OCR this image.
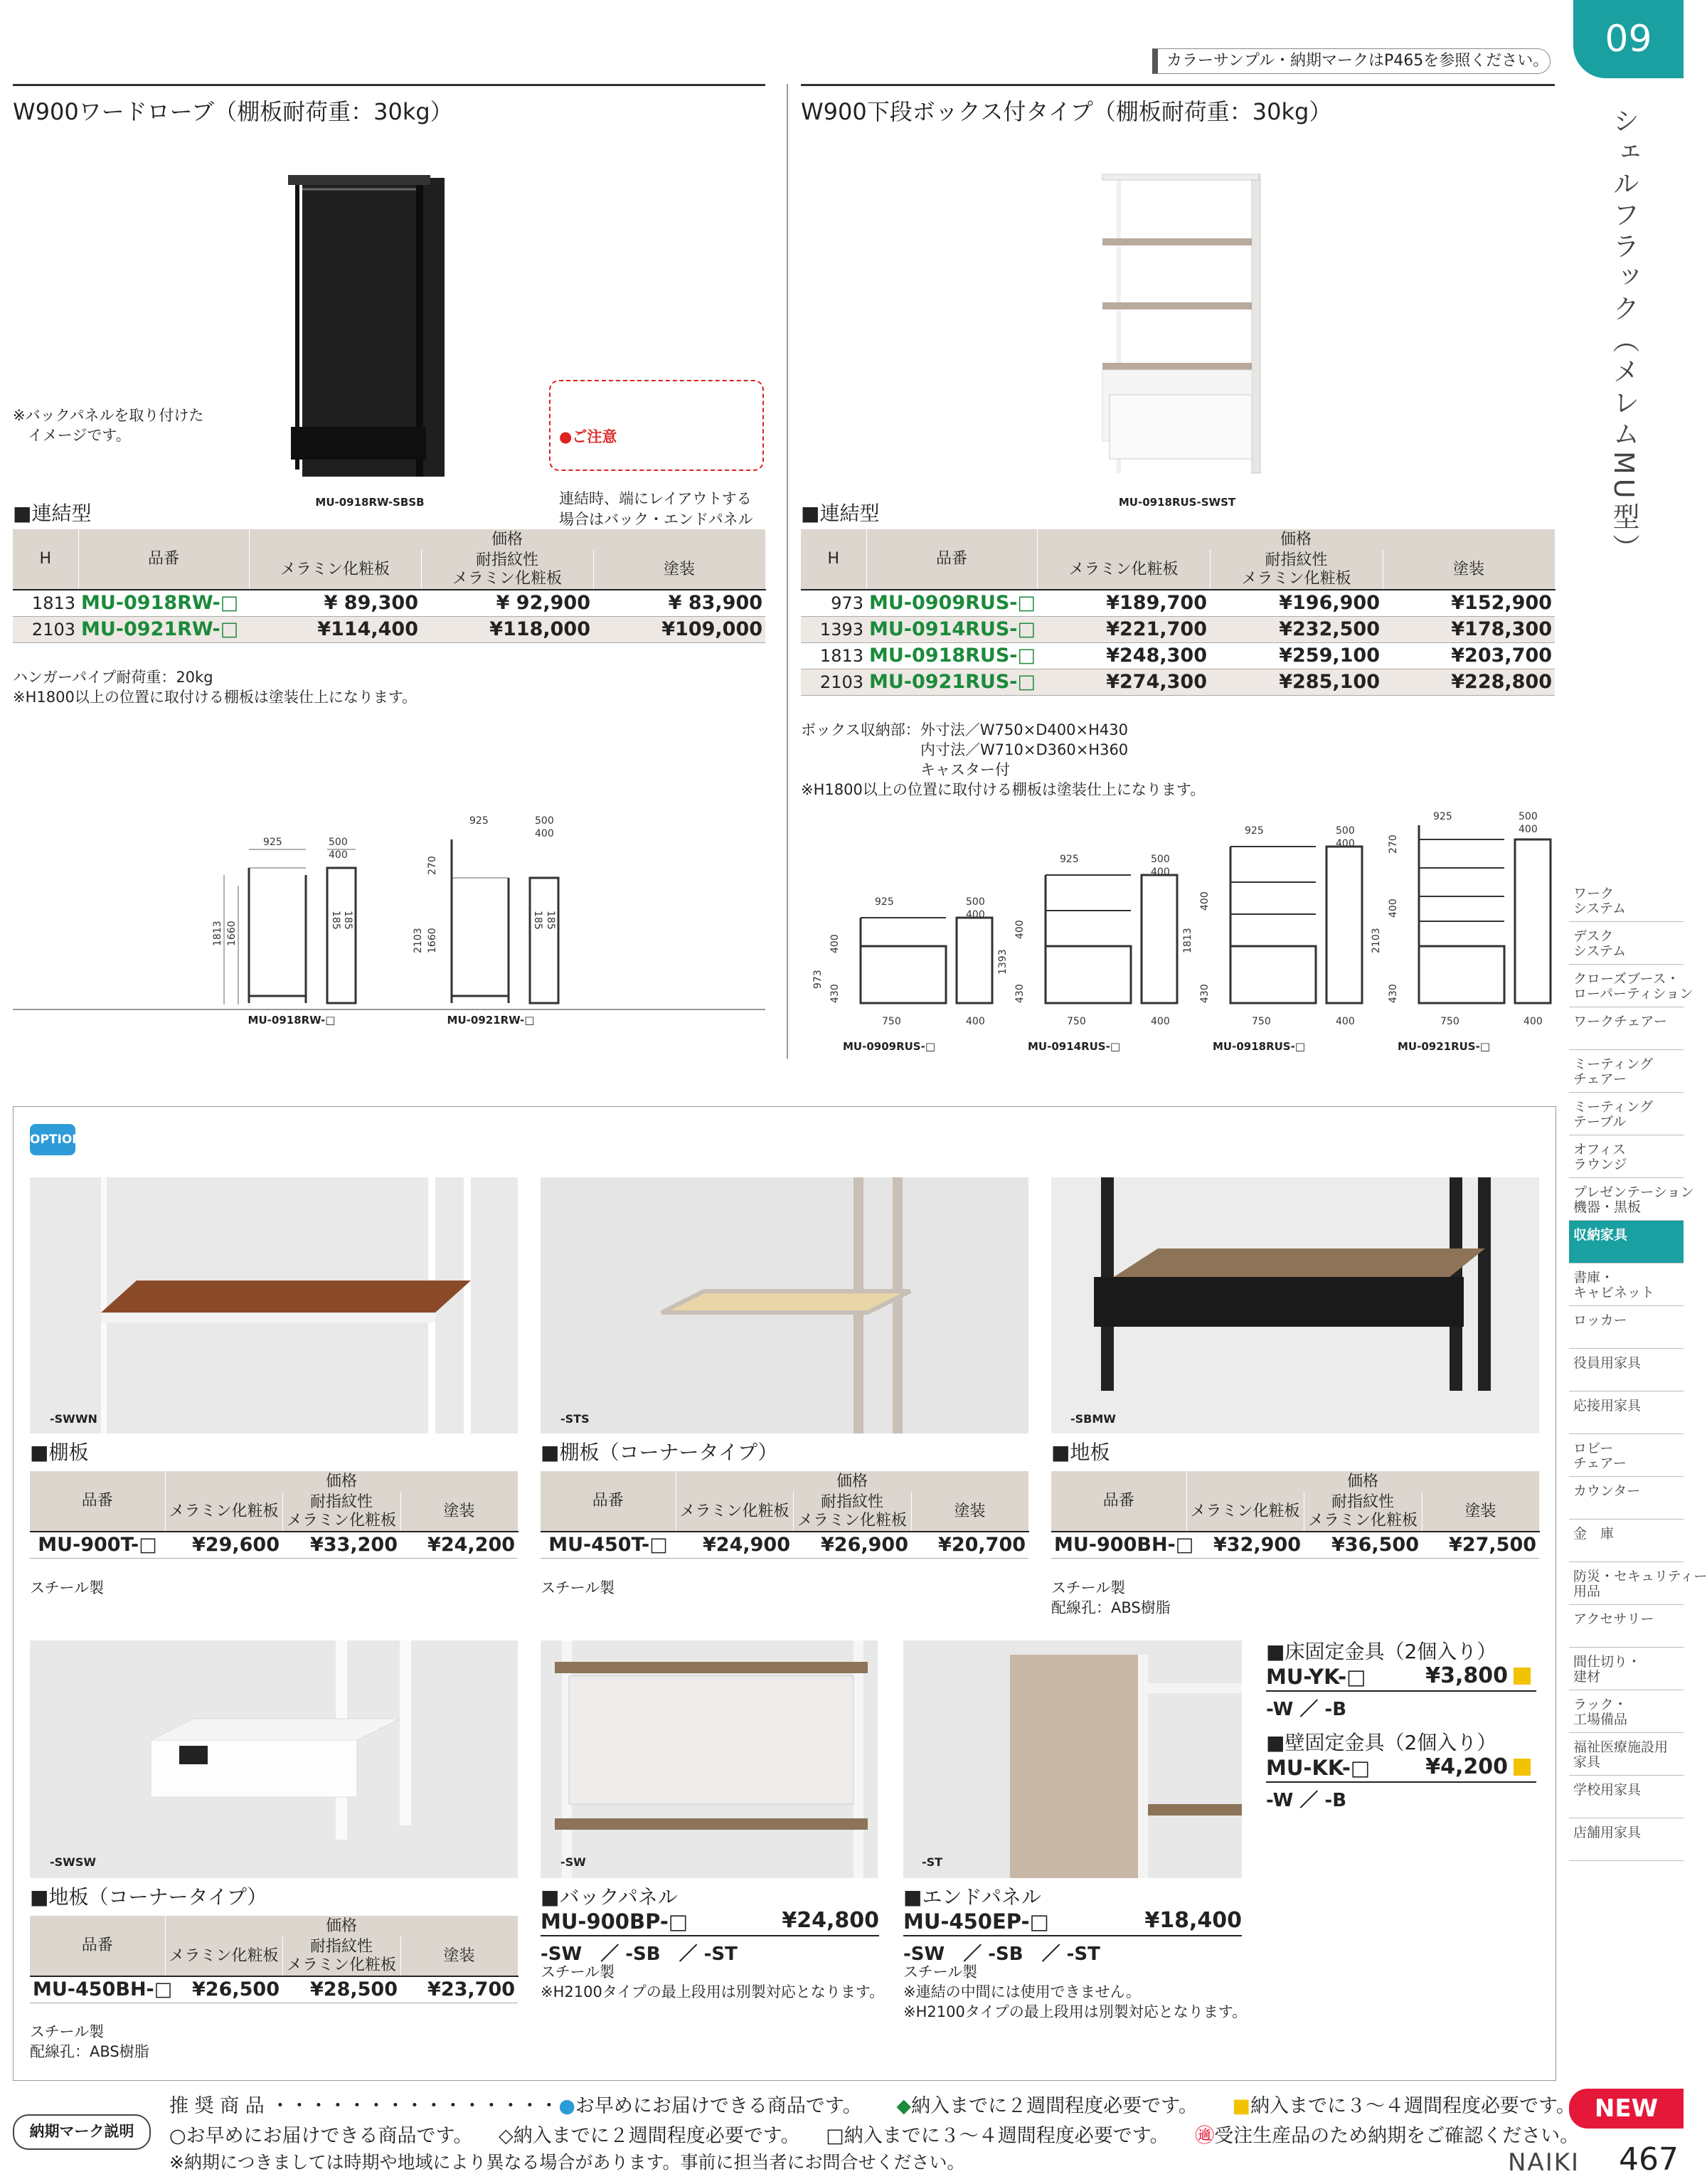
カラーサンプル・納期マークはP465を参照ください。
09
シェルフラック（メレムMU型）
W900ワードローブ（棚板耐荷重：30kg）
※バックパネルを取り付けた
　イメージです。
MU-0918RW-SBSB

●ご注意

連結時、端にレイアウトする
場合はバック・エンドパネル

■連結型
H	品番	価格		
		メラミン化粧板	耐指紋性
メラミン化粧板	塗装
1813	MU-0918RW-□	¥ 89,300	¥ 92,900	¥ 83,900
2103	MU-0921RW-□	¥114,400	¥118,000	¥109,000
ハンガーパイプ耐荷重：20kg
※H1800以上の位置に取付ける棚板は塗装仕上になります。
1813 1660
925	500
400
185 185
MU-0918RW-□
2103
270
1660
925	500
400
185 185
MU-0921RW-□
W900下段ボックス付タイプ（棚板耐荷重：30kg）
MU-0918RUS-SWST
■連結型
H	品番	価格		
		メラミン化粧板	耐指紋性
メラミン化粧板	塗装
973	MU-0909RUS-□	¥189,700	¥196,900	¥152,900
1393	MU-0914RUS-□	¥221,700	¥232,500	¥178,300
1813	MU-0918RUS-□	¥248,300	¥259,100	¥203,700
2103	MU-0921RUS-□	¥274,300	¥285,100	¥228,800
ボックス収納部：外寸法／W750×D400×H430
　　　　　　　　内寸法／W710×D360×H360
　　　　　　　　キャスター付
※H1800以上の位置に取付ける棚板は塗装仕上になります。
973
925	500
400
750	400
430
400
1393
925	500
400
750	400
430
400	1813
925	500
400
750	400
430
400
2103
270
925	500
400
750	400
430
400
MU-0909RUS-□	MU-0914RUS-□	MU-0918RUS-□	MU-0921RUS-□
OPTION
-SWWN	-STS	-SBMW
■棚板	■棚板（コーナータイプ）	■地板
品番	価格		
	メラミン化粧板	耐指紋性
メラミン化粧板	塗装
MU-900T-□	¥29,600	¥33,200	¥24,200
スチール製
品番	価格		
	メラミン化粧板	耐指紋性
メラミン化粧板	塗装
MU-450T-□	¥24,900	¥26,900	¥20,700
スチール製
品番	価格		
	メラミン化粧板	耐指紋性
メラミン化粧板	塗装
MU-900BH-□	¥32,900	¥36,500	¥27,500
スチール製
配線孔：ABS樹脂
-SWSW	-SW	-ST
■地板（コーナータイプ）
品番	価格		
	メラミン化粧板	耐指紋性
メラミン化粧板	塗装
MU-450BH-□	¥26,500	¥28,500	¥23,700
スチール製
配線孔：ABS樹脂
■バックパネル
MU-900BP-□	¥24,800
-SW　／ -SB　／ -ST
スチール製
※H2100タイプの最上段用は別製対応となります。
■エンドパネル
MU-450EP-□	¥18,400
-SW　／ -SB　／ -ST
スチール製
※連結の中間には使用できません。
※H2100タイプの最上段用は別製対応となります。
■床固定金具（2個入り）
MU-YK-□	¥3,800
-W ／ -B
■壁固定金具（2個入り）
MU-KK-□	¥4,200
-W ／ -B
ワーク
システム
デスク
システム
クローズブース・
ローパーティション
ワークチェアー
ミーティング
チェアー
ミーティング
テーブル
オフィス
ラウンジ
プレゼンテーション
機器・黒板
収納家具
書庫・
キャビネット
ロッカー
役員用家具
応接用家具
ロビー
チェアー
カウンター
金　庫
防災・セキュリティー
用品
アクセサリー
間仕切り・
建材
ラック・
工場備品
福祉医療施設用
家具
学校用家具
店舗用家具
NEW
納期マーク説明
推 奨 商 品 ・・・・・・・・・・・・・・・●お早めにお届けできる商品です。 ◆納入までに２週間程度必要です。 ■納入までに３〜４週間程度必要です。
○お早めにお届けできる商品です。 ◇納入までに２週間程度必要です。 □納入までに３〜４週間程度必要です。 ㊜受注生産品のため納期をご確認ください。
※納期につきましては時期や地域により異なる場合があります。事前に担当者にお問合せください。	NAIKI 467
